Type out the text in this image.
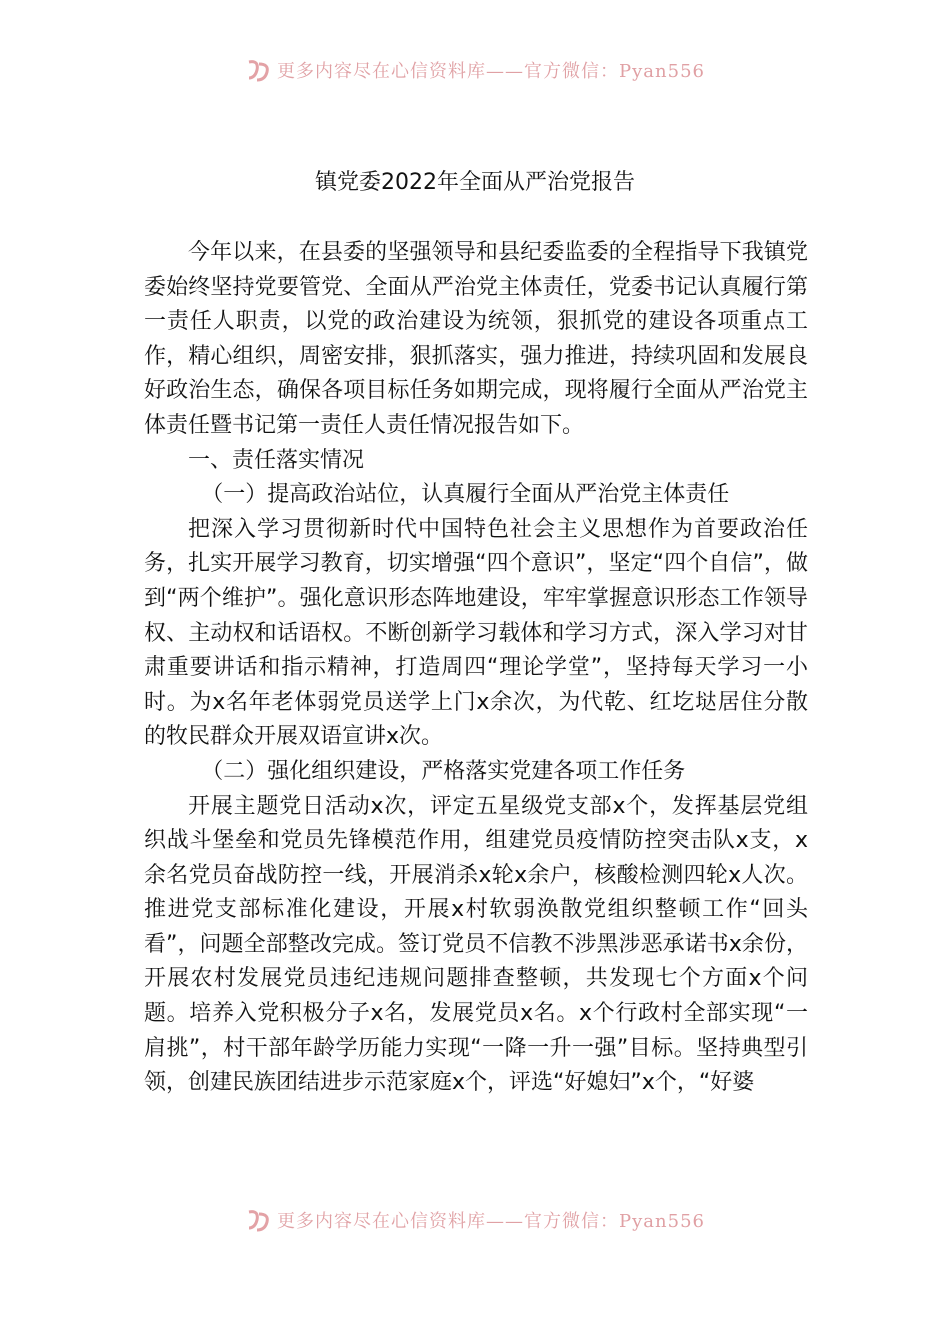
更多内容尽在心信资料库——官方微信：Pyan556
镇党委2022年全面从严治党报告

今年以来，在县委的坚强领导和县纪委监委的全程指导下我镇党委始终坚持党要管党、全面从严治党主体责任，党委书记认真履行第一责任人职责，以党的政治建设为统领，狠抓党的建设各项重点工作，精心组织，周密安排，狠抓落实，强力推进，持续巩固和发展良好政治生态，确保各项目标任务如期完成，现将履行全面从严治党主体责任暨书记第一责任人责任情况报告如下。

一、责任落实情况

（一）提高政治站位，认真履行全面从严治党主体责任

把深入学习贯彻新时代中国特色社会主义思想作为首要政治任务，扎实开展学习教育，切实增强“四个意识”，坚定“四个自信”，做到“两个维护”。强化意识形态阵地建设，牢牢掌握意识形态工作领导权、主动权和话语权。不断创新学习载体和学习方式，深入学习对甘肃重要讲话和指示精神，打造周四“理论学堂”，坚持每天学习一小时。为x名年老体弱党员送学上门x余次，为代乾、红圪垯居住分散的牧民群众开展双语宣讲x次。

（二）强化组织建设，严格落实党建各项工作任务

开展主题党日活动x次，评定五星级党支部x个，发挥基层党组织战斗堡垒和党员先锋模范作用，组建党员疫情防控突击队x支，x余名党员奋战防控一线，开展消杀x轮x余户，核酸检测四轮x人次。推进党支部标准化建设，开展x村软弱涣散党组织整顿工作“回头看”，问题全部整改完成。签订党员不信教不涉黑涉恶承诺书x余份，开展农村发展党员违纪违规问题排查整顿，共发现七个方面x个问题。培养入党积极分子x名，发展党员x名。x个行政村全部实现“一肩挑”，村干部年龄学历能力实现“一降一升一强”目标。坚持典型引领，创建民族团结进步示范家庭x个，评选“好媳妇”x个，“好婆

更多内容尽在心信资料库——官方微信：Pyan556
